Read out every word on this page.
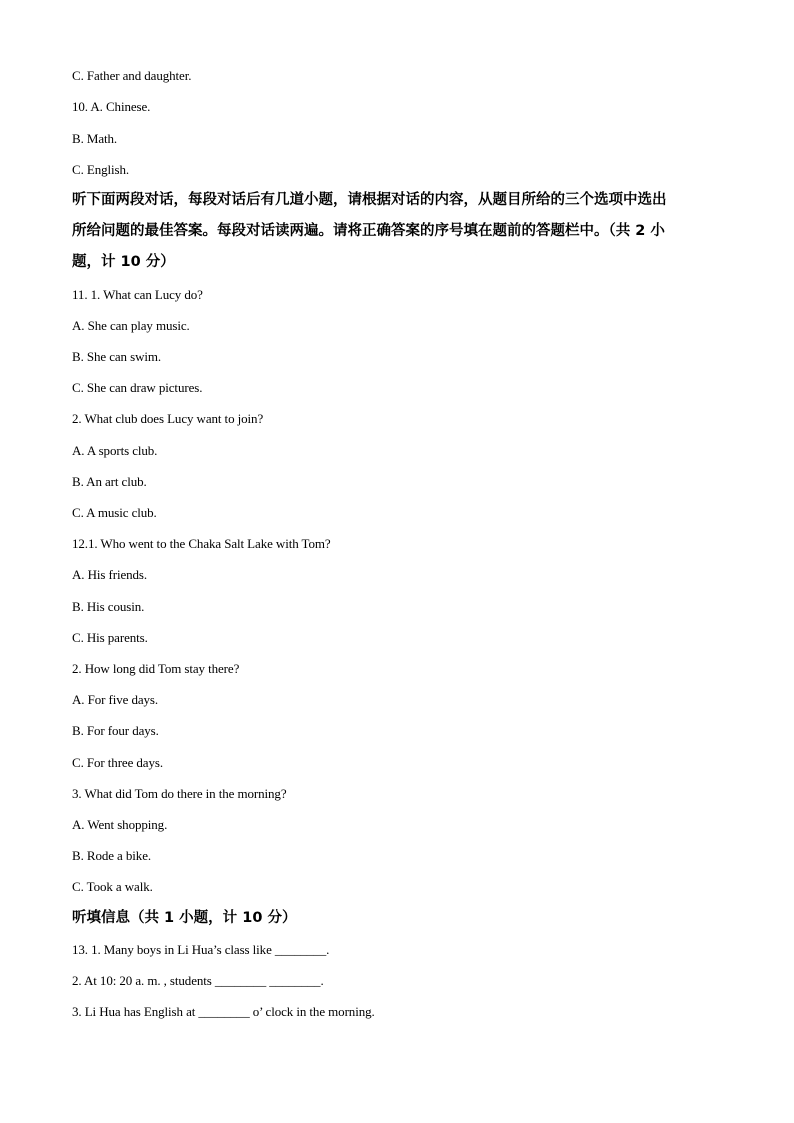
C. Father and daughter.
10. A. Chinese.
B. Math.
C. English.
听下面两段对话，每段对话后有几道小题，请根据对话的内容，从题目所给的三个选项中选出
所给问题的最佳答案。每段对话读两遍。请将正确答案的序号填在题前的答题栏中。（共 2 小
题，计 10 分）
11. 1. What can Lucy do?
A. She can play music.
B. She can swim.
C. She can draw pictures.
2. What club does Lucy want to join?
A. A sports club.
B. An art club.
C. A music club.
12.1. Who went to the Chaka Salt Lake with Tom?
A. His friends.
B. His cousin.
C. His parents.
2. How long did Tom stay there?
A. For five days.
B. For four days.
C. For three days.
3. What did Tom do there in the morning?
A. Went shopping.
B. Rode a bike.
C. Took a walk.
听填信息（共 1 小题，计 10 分）
13. 1. Many boys in Li Hua’s class like ________.
2. At 10: 20 a. m. , students ________ ________.
3. Li Hua has English at ________ o’ clock in the morning.
